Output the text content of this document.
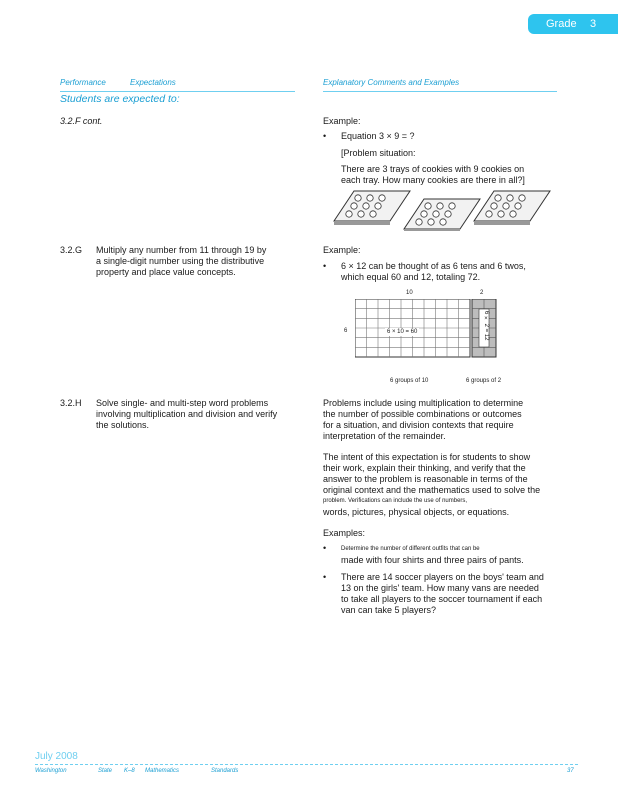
Grade 3
Performance	Expectations
Students are expected to:
Explanatory Comments and Examples
3.2.F cont.	Example:
• Equation 3 × 9 = ?
[Problem situation:
There are 3 trays of cookies with 9 cookies on
each tray. How many cookies are there in all?]
3.2.G Multiply any number from 11 through 19 by
a single-digit number using the distributive
property and place value concepts.
Example:
• 6 × 12 can be thought of as 6 tens and 6 twos,
which equal 60 and 12, totaling 72.
10	2
6	6 × 10 = 60	6 × 2 = 12
6 groups of 10	6 groups of 2
3.2.H Solve single- and multi-step word problems
involving multiplication and division and verify
the solutions.
Problems include using multiplication to determine
the number of possible combinations or outcomes
for a situation, and division contexts that require
interpretation of the remainder.
The intent of this expectation is for students to show
their work, explain their thinking, and verify that the
answer to the problem is reasonable in terms of the
original context and the mathematics used to solve the
problem. Verifications can include the use of numbers,
words, pictures, physical objects, or equations.
Examples:
• Determine the number of different outfits that can be
made with four shirts and three pairs of pants.
• There are 14 soccer players on the boys' team and
13 on the girls' team. How many vans are needed
to take all players to the soccer tournament if each
van can take 5 players?
July 2008
Washington	State K–8 Mathematics	Standards	37
